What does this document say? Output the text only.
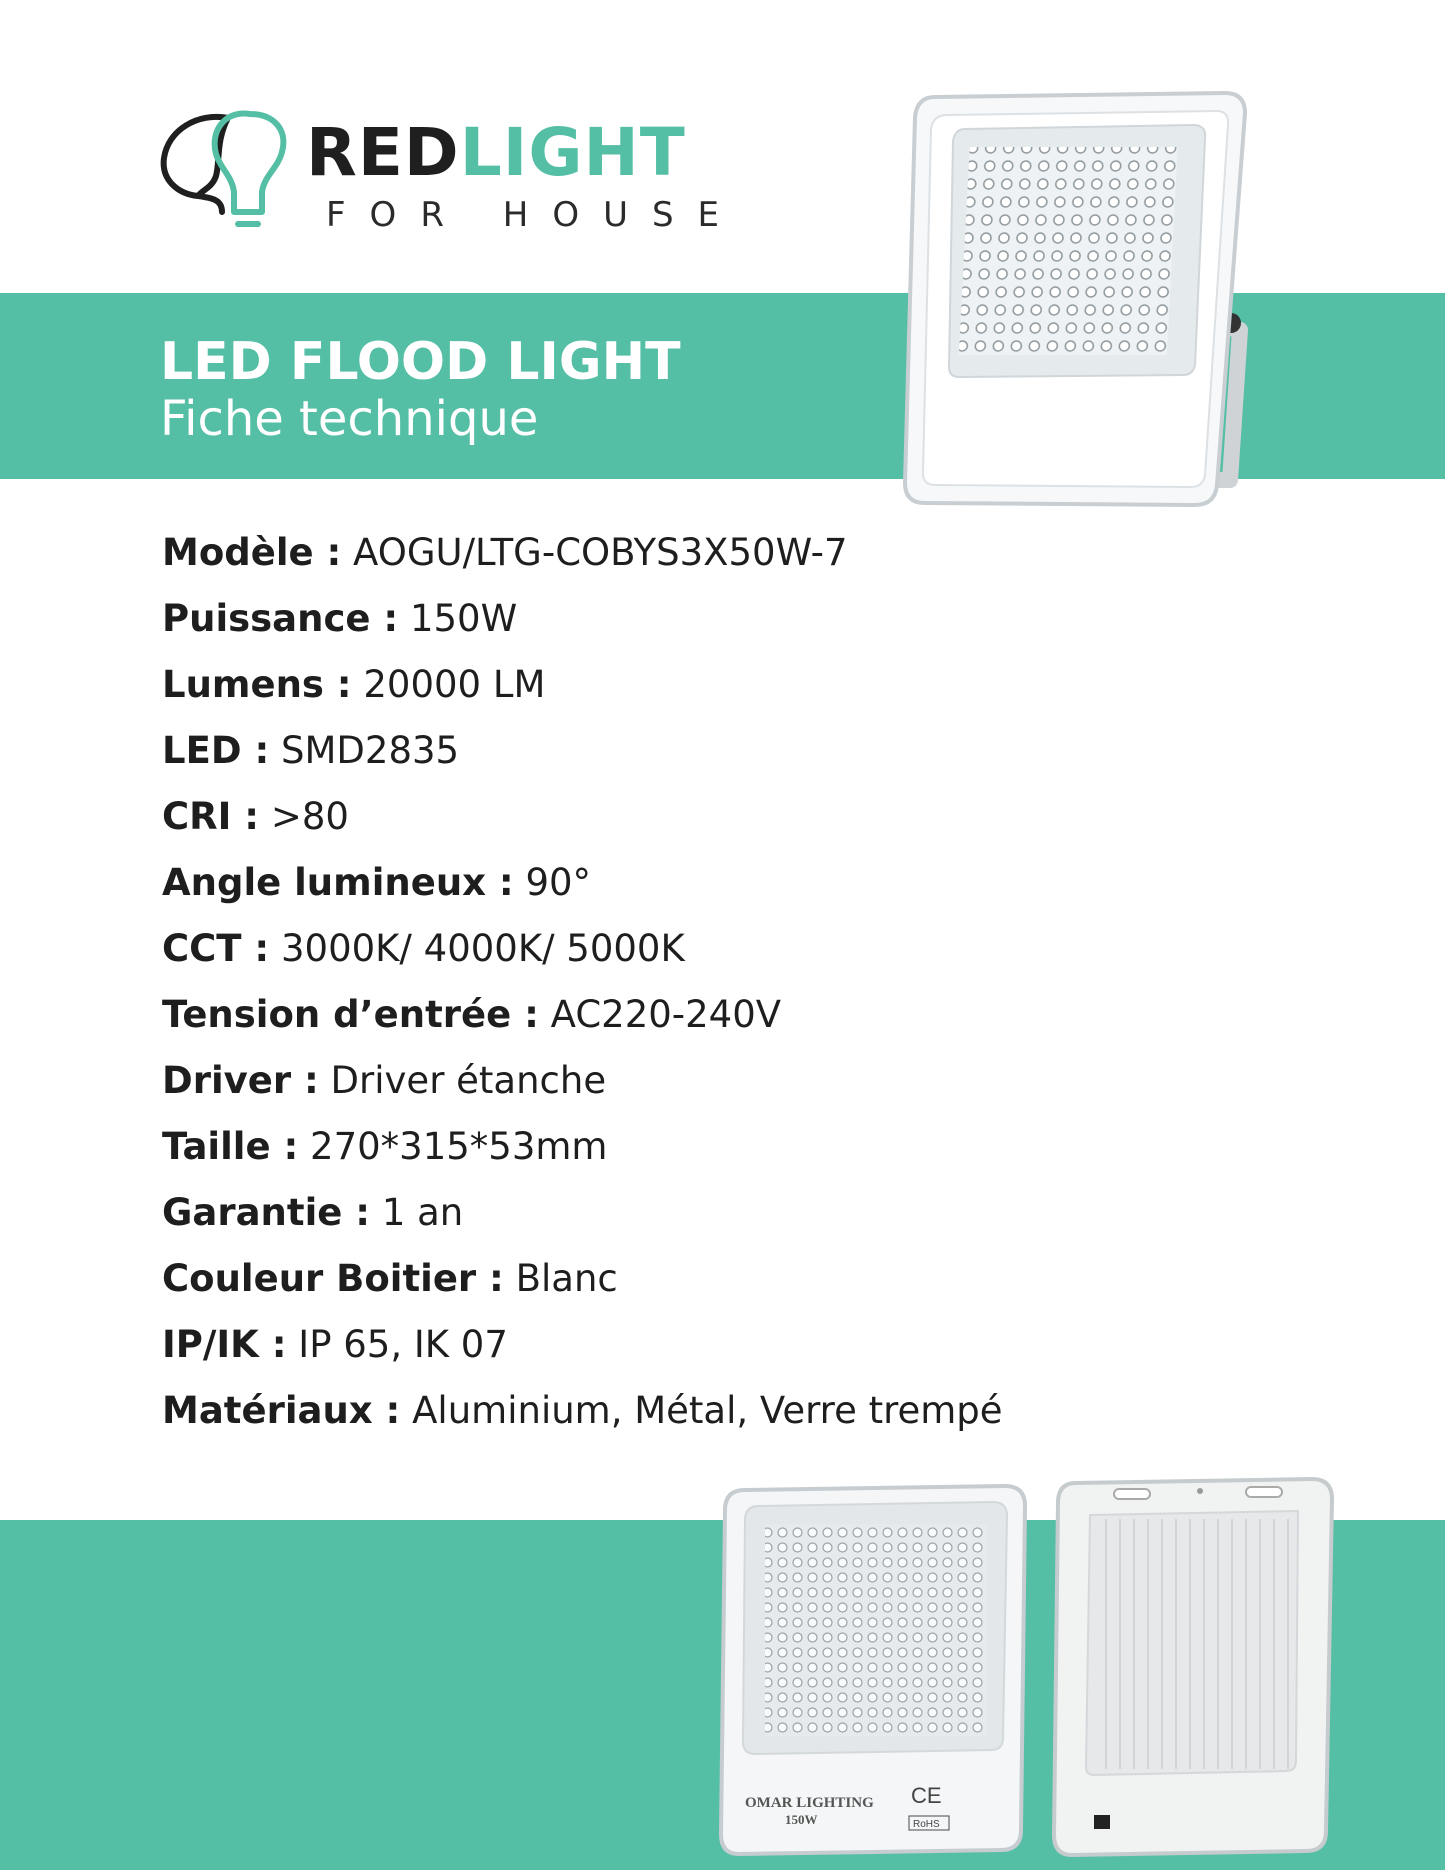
REDLIGHT
FOR HOUSE
LED FLOOD LIGHT
Fiche technique
Modèle : AOGU/LTG-COBYS3X50W-7
Puissance : 150W
Lumens : 20000 LM
LED : SMD2835
CRI : >80
Angle lumineux : 90°
CCT : 3000K/ 4000K/ 5000K
Tension d’entrée : AC220-240V
Driver : Driver étanche
Taille : 270*315*53mm
Garantie : 1 an
Couleur Boitier : Blanc
IP/IK : IP 65, IK 07
Matériaux : Aluminium, Métal, Verre trempé
OMAR LIGHTING
150W
CE
RoHS
